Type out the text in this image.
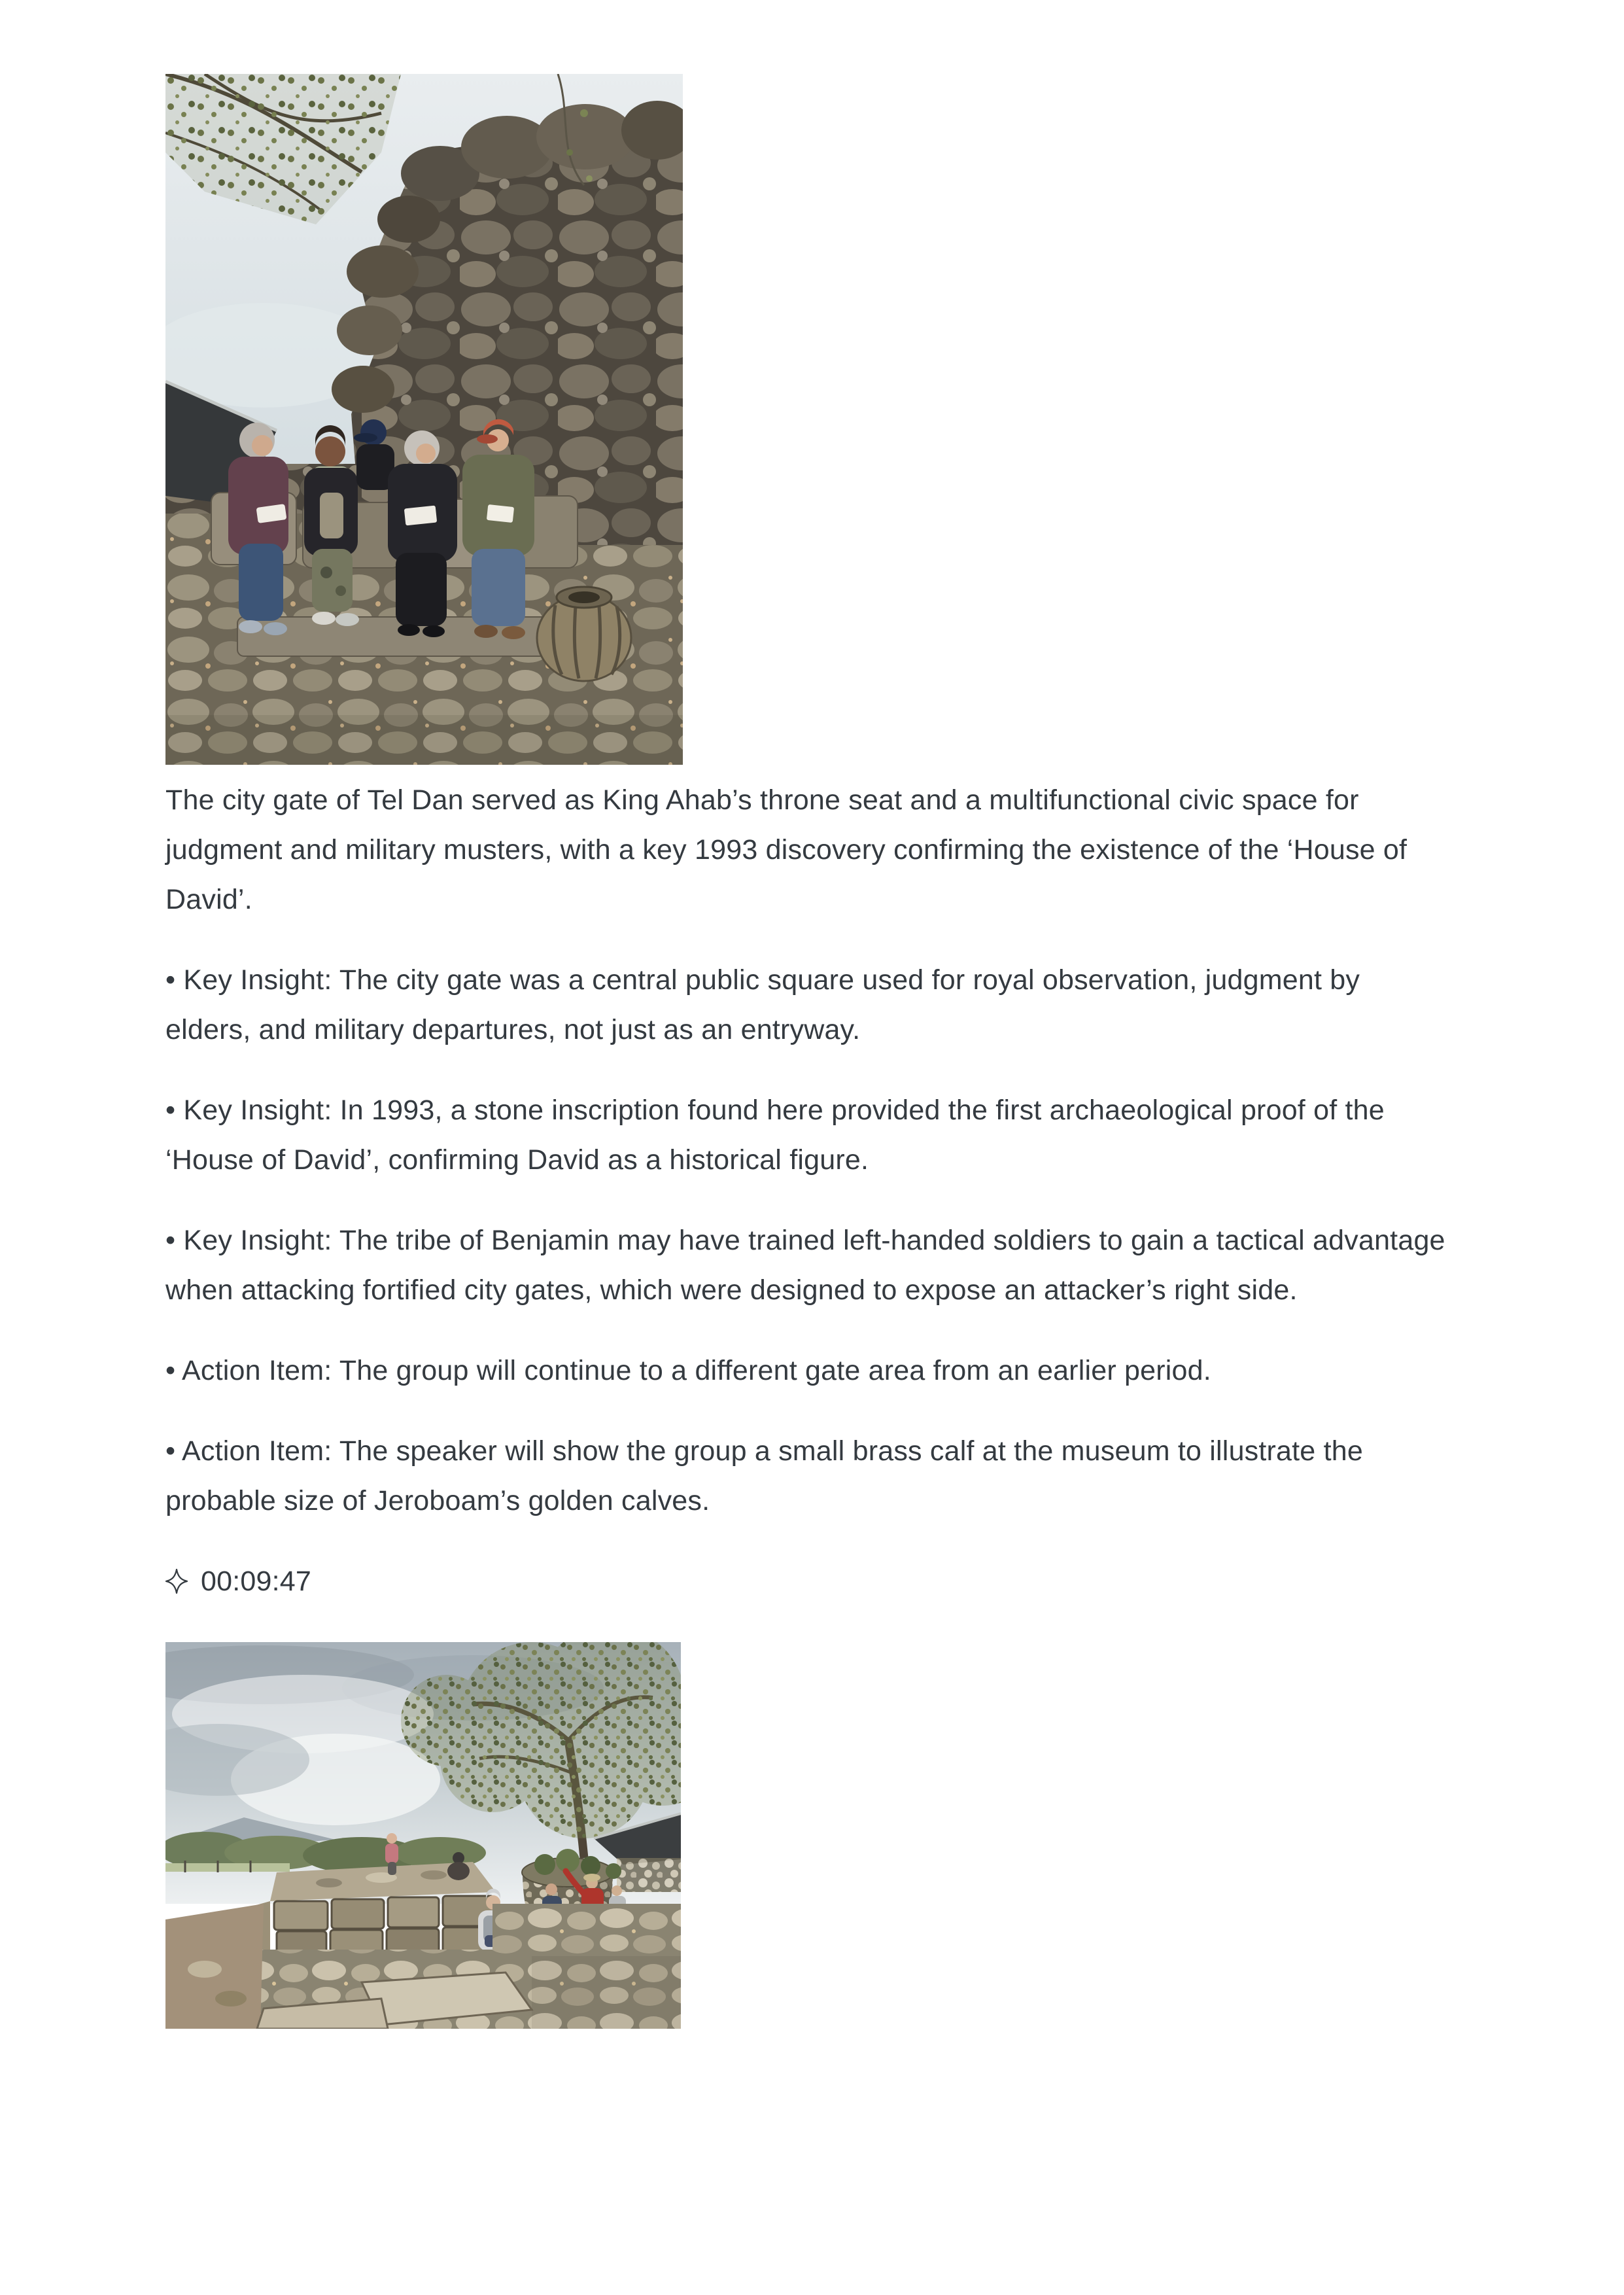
The city gate of Tel Dan served as King Ahab’s throne seat and a multifunctional civic space for judgment and military musters, with a key 1993 discovery confirming the existence of the ‘House of David’.

• Key Insight: The city gate was a central public square used for royal observation, judgment by elders, and military departures, not just as an entryway.

• Key Insight: In 1993, a stone inscription found here provided the first archaeological proof of the ‘House of David’, confirming David as a historical figure.

• Key Insight: The tribe of Benjamin may have trained left-handed soldiers to gain a tactical advantage when attacking fortified city gates, which were designed to expose an attacker’s right side.

• Action Item: The group will continue to a different gate area from an earlier period.

• Action Item: The speaker will show the group a small brass calf at the museum to illustrate the probable size of Jeroboam’s golden calves.

00:09:47
